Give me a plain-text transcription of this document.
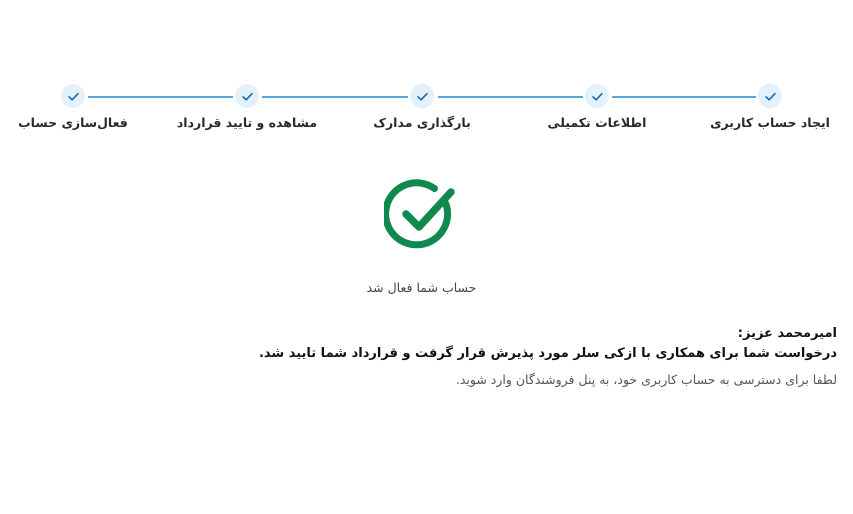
ایجاد حساب کاربری
اطلاعات تکمیلی
بارگذاری مدارک
مشاهده و تایید قرارداد
فعال‌سازی حساب
حساب شما فعال شد
امیرمحمد عزیز:
درخواست شما برای همکاری با ازکی سلر مورد پذیرش قرار گرفت و قرارداد شما تایید شد.
لطفا برای دسترسی به حساب کاربری خود، به پنل فروشندگان وارد شوید.
